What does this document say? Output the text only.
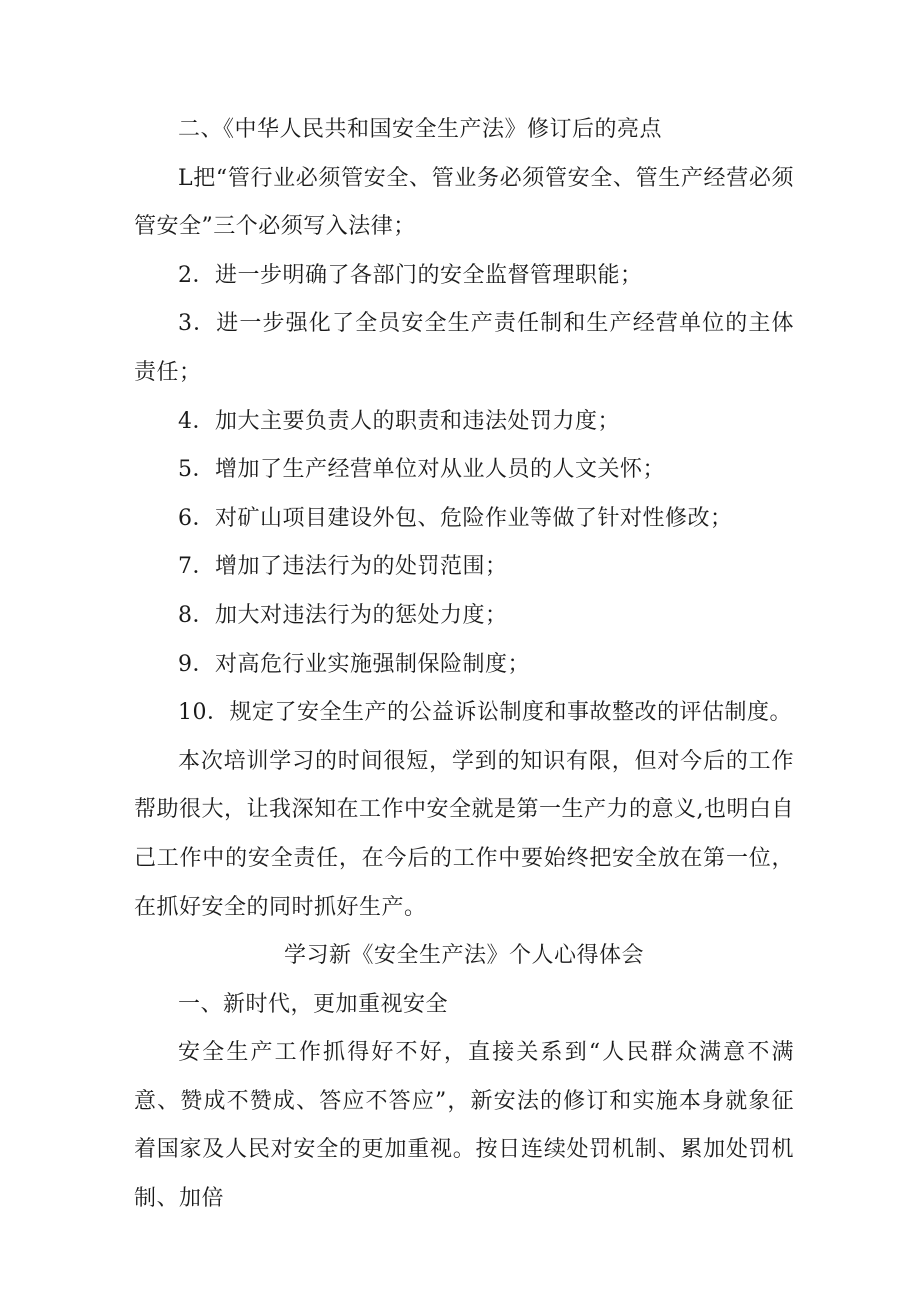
二、《中华人民共和国安全生产法》修订后的亮点

L把“管行业必须管安全、管业务必须管安全、管生产经营必须管安全”三个必须写入法律；

2．进一步明确了各部门的安全监督管理职能；

3．进一步强化了全员安全生产责任制和生产经营单位的主体责任；

4．加大主要负责人的职责和违法处罚力度；

5．增加了生产经营单位对从业人员的人文关怀；

6．对矿山项目建设外包、危险作业等做了针对性修改；

7．增加了违法行为的处罚范围；

8．加大对违法行为的惩处力度；

9．对高危行业实施强制保险制度；

10．规定了安全生产的公益诉讼制度和事故整改的评估制度。

本次培训学习的时间很短，学到的知识有限，但对今后的工作帮助很大，让我深知在工作中安全就是第一生产力的意义,也明白自己工作中的安全责任，在今后的工作中要始终把安全放在第一位，在抓好安全的同时抓好生产。

学习新《安全生产法》个人心得体会

一、新时代，更加重视安全

安全生产工作抓得好不好，直接关系到“人民群众满意不满意、赞成不赞成、答应不答应”，新安法的修订和实施本身就象征着国家及人民对安全的更加重视。按日连续处罚机制、累加处罚机制、加倍
